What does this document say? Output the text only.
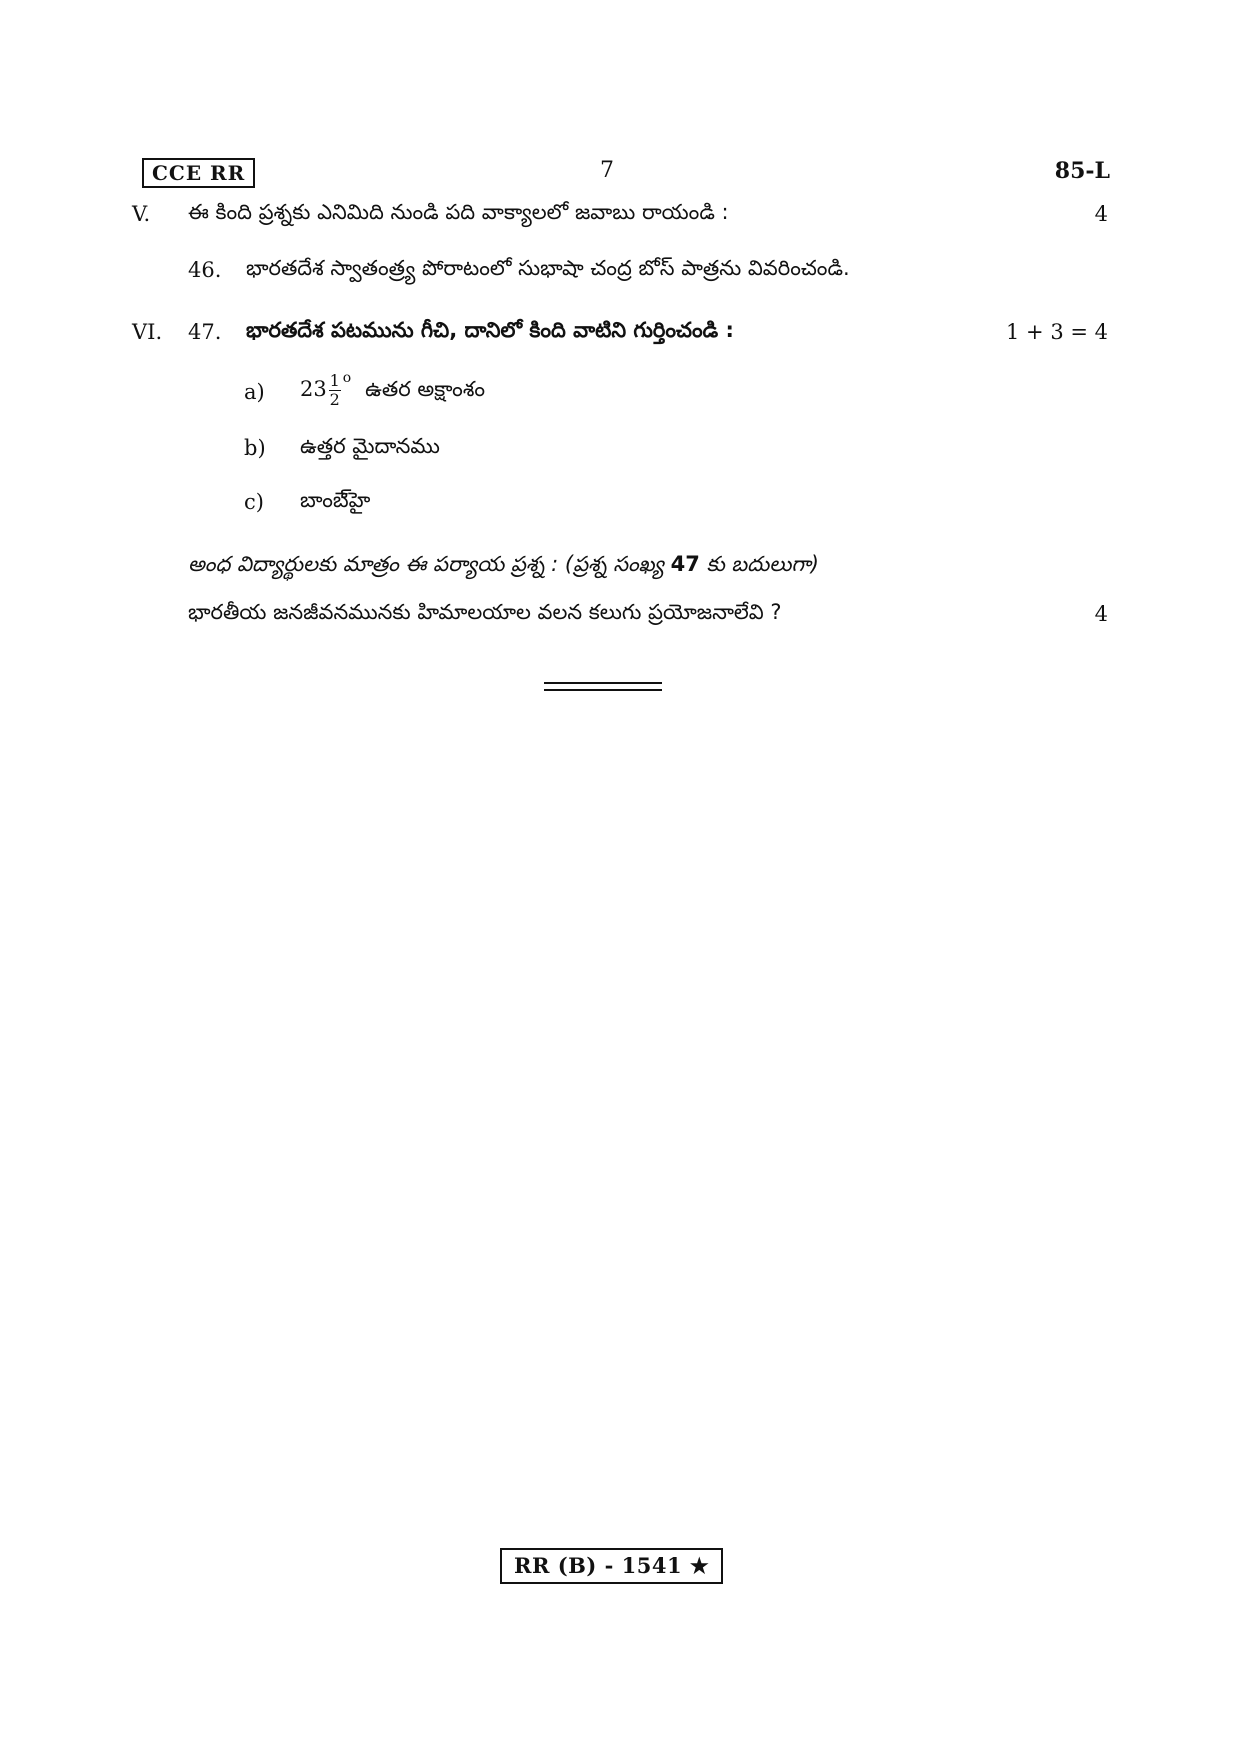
CCE RR	7	85-L
V. ఈ కింది ప్రశ్నకు ఎనిమిది నుండి పది వాక్యాలలో జవాబు రాయండి :	4
46. భారతదేశ స్వాతంత్ర్య పోరాటంలో సుభాషా చంద్ర బోస్ పాత్రను వివరించండి.
VI. 47. భారతదేశ పటమును గీచి, దానిలో కింది వాటిని గుర్తించండి :	1 + 3 = 4
a) $23 \frac{1}{2} ^o$ ఉతర అక్షాంశం
b) ఉత్తర మైదానము
c) బాంబె్హై
అంధ విద్యార్థులకు మాత్రం ఈ పర్యాయ ప్రశ్న : (ప్రశ్న సంఖ్య 47 కు బదులుగా)
భారతీయ జనజీవనమునకు హిమాలయాల వలన కలుగు ప్రయోజనాలేవి ?	4
RR (B) - 1541 ★
